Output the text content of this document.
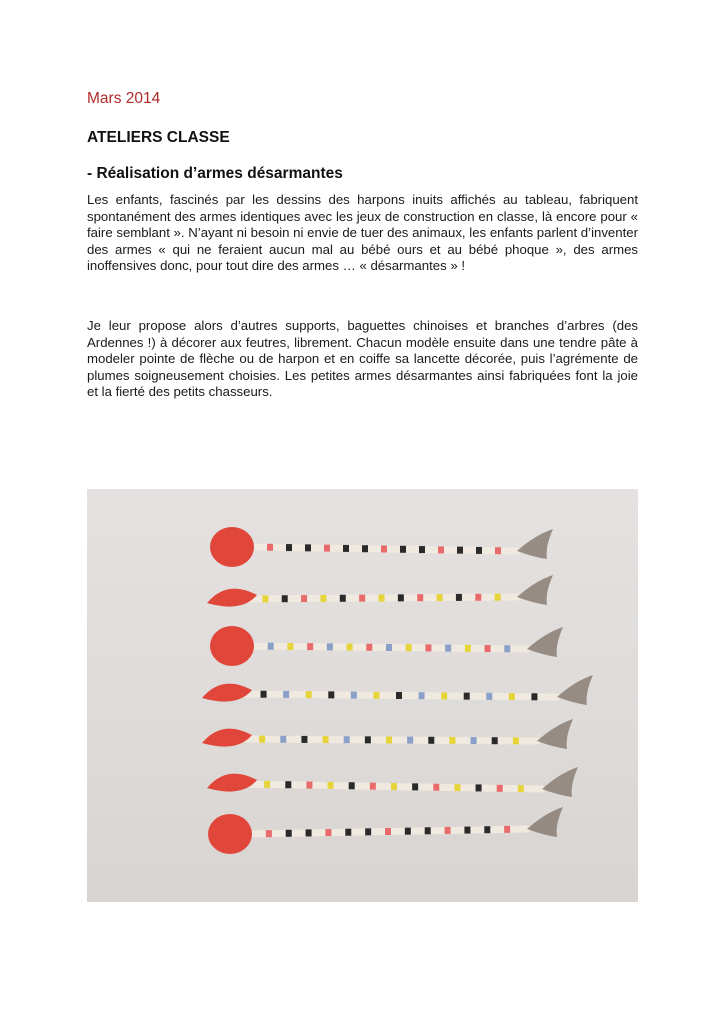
Mars 2014
ATELIERS CLASSE
- Réalisation d’armes désarmantes
Les enfants, fascinés par les dessins des harpons inuits affichés au tableau, fabriquent spontanément des armes identiques avec les jeux de construction en classe, là encore pour « faire semblant ». N’ayant ni besoin ni envie de tuer des animaux, les enfants parlent d’inventer des armes « qui ne feraient aucun mal au bébé ours et au bébé phoque », des armes inoffensives donc, pour tout dire des armes … « désarmantes » !
Je leur propose alors d’autres supports, baguettes chinoises et branches d’arbres (des Ardennes !) à décorer aux feutres, librement. Chacun modèle ensuite dans une tendre pâte à modeler pointe de flèche ou de harpon et en coiffe sa lancette décorée, puis l’agrémente de plumes soigneusement choisies. Les petites armes désarmantes ainsi fabriquées font la joie et la fierté des petits chasseurs.
